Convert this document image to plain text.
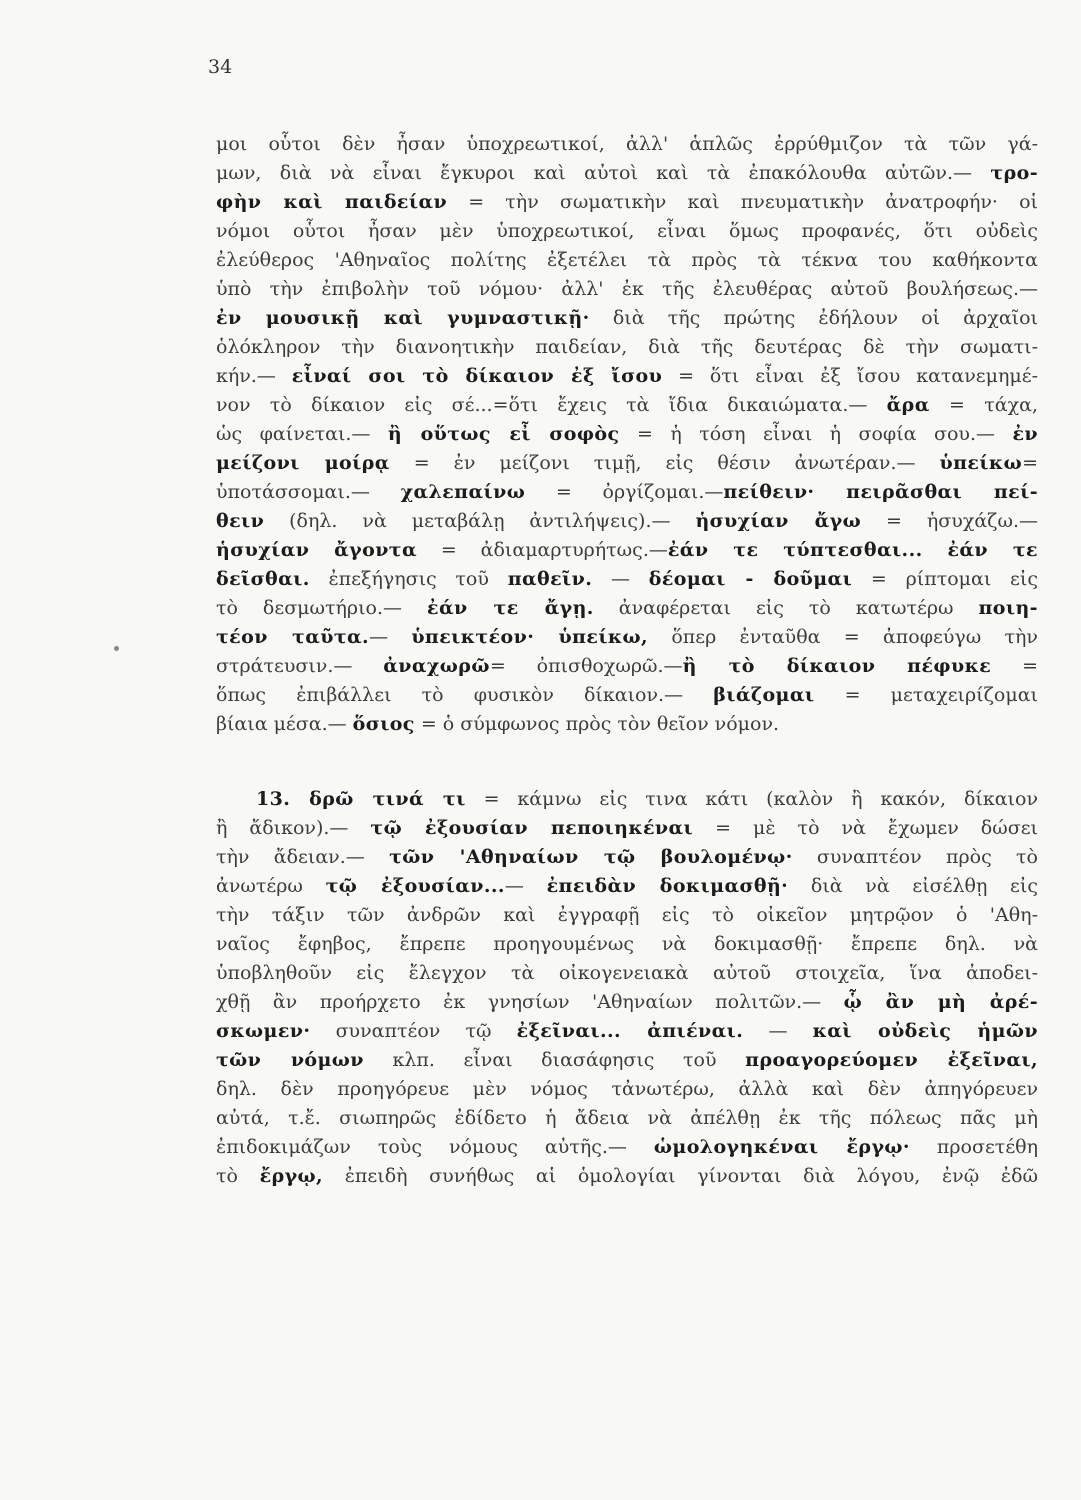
34
μοι οὗτοι δὲν ἦσαν ὑποχρεωτικοί, ἀλλ' ἁπλῶς ἐρρύθμιζον τὰ τῶν γά-
μων, διὰ νὰ εἶναι ἔγκυροι καὶ αὐτοὶ καὶ τὰ ἐπακόλουθα αὐτῶν.— τρο-
φὴν καὶ παιδείαν = τὴν σωματικὴν καὶ πνευματικὴν ἀνατροφήν· οἱ
νόμοι οὗτοι ἦσαν μὲν ὑποχρεωτικοί, εἶναι ὅμως προφανές, ὅτι οὐδεὶς
ἐλεύθερος 'Αθηναῖος πολίτης ἐξετέλει τὰ πρὸς τὰ τέκνα του καθήκοντα
ὑπὸ τὴν ἐπιβολὴν τοῦ νόμου· ἀλλ' ἐκ τῆς ἐλευθέρας αὐτοῦ βουλήσεως.—
ἐν μουσικῇ καὶ γυμναστικῇ· διὰ τῆς πρώτης ἐδήλουν οἱ ἀρχαῖοι
ὁλόκληρον τὴν διανοητικὴν παιδείαν, διὰ τῆς δευτέρας δὲ τὴν σωματι-
κήν.— εἶναί σοι τὸ δίκαιον ἐξ ἴσου = ὅτι εἶναι ἐξ ἴσου κατανεμημέ-
νον τὸ δίκαιον εἰς σέ...=ὅτι ἔχεις τὰ ἴδια δικαιώματα.— ἄρα = τάχα,
ὡς φαίνεται.— ἢ οὕτως εἶ σοφὸς = ἡ τόση εἶναι ἡ σοφία σου.— ἐν
μείζονι μοίρᾳ = ἐν μείζονι τιμῇ, εἰς θέσιν ἀνωτέραν.— ὑπείκω=
ὑποτάσσομαι.— χαλεπαίνω = ὀργίζομαι.—πείθειν· πειρᾶσθαι πεί-
θειν (δηλ. νὰ μεταβάλῃ ἀντιλήψεις).— ἡσυχίαν ἄγω = ἡσυχάζω.—
ἡσυχίαν ἄγοντα = ἀδιαμαρτυρήτως.—ἐάν τε τύπτεσθαι... ἐάν τε
δεῖσθαι. ἐπεξήγησις τοῦ παθεῖν. — δέομαι - δοῦμαι = ρίπτομαι εἰς
τὸ δεσμωτήριο.— ἐάν τε ἄγῃ. ἀναφέρεται εἰς τὸ κατωτέρω ποιη-
τέον ταῦτα.— ὑπεικτέον· ὑπείκω, ὅπερ ἐνταῦθα = ἀποφεύγω τὴν
στράτευσιν.— ἀναχωρῶ= ὀπισθοχωρῶ.—ἢ τὸ δίκαιον πέφυκε =
ὅπως ἐπιβάλλει τὸ φυσικὸν δίκαιον.— βιάζομαι = μεταχειρίζομαι
βίαια μέσα.— ὅσιος = ὁ σύμφωνος πρὸς τὸν θεῖον νόμον.
13. δρῶ τινά τι = κάμνω εἰς τινα κάτι (καλὸν ἢ κακόν, δίκαιον
ἢ ἄδικον).— τῷ ἐξουσίαν πεποιηκέναι = μὲ τὸ νὰ ἔχωμεν δώσει
τὴν ἄδειαν.— τῶν 'Αθηναίων τῷ βουλομένῳ· συναπτέον πρὸς τὸ
ἀνωτέρω τῷ ἐξουσίαν...— ἐπειδὰν δοκιμασθῇ· διὰ νὰ εἰσέλθῃ εἰς
τὴν τάξιν τῶν ἀνδρῶν καὶ ἐγγραφῇ εἰς τὸ οἰκεῖον μητρῷον ὁ 'Αθη-
ναῖος ἔφηβος, ἔπρεπε προηγουμένως νὰ δοκιμασθῇ· ἔπρεπε δηλ. νὰ
ὑποβληθοῦν εἰς ἔλεγχον τὰ οἰκογενειακὰ αὐτοῦ στοιχεῖα, ἵνα ἀποδει-
χθῇ ἂν προήρχετο ἐκ γνησίων 'Αθηναίων πολιτῶν.— ᾧ ἂν μὴ ἀρέ-
σκωμεν· συναπτέον τῷ ἐξεῖναι... ἀπιέναι. — καὶ οὐδεὶς ἡμῶν
τῶν νόμων κλπ. εἶναι διασάφησις τοῦ προαγορεύομεν ἐξεῖναι,
δηλ. δὲν προηγόρευε μὲν νόμος τἀνωτέρω, ἀλλὰ καὶ δὲν ἀπηγόρευεν
αὐτά, τ.ἔ. σιωπηρῶς ἐδίδετο ἡ ἄδεια νὰ ἀπέλθῃ ἐκ τῆς πόλεως πᾶς μὴ
ἐπιδοκιμάζων τοὺς νόμους αὐτῆς.— ὡμολογηκέναι ἔργῳ· προσετέθη
τὸ ἔργῳ, ἐπειδὴ συνήθως αἱ ὁμολογίαι γίνονται διὰ λόγου, ἐνῷ ἐδῶ
